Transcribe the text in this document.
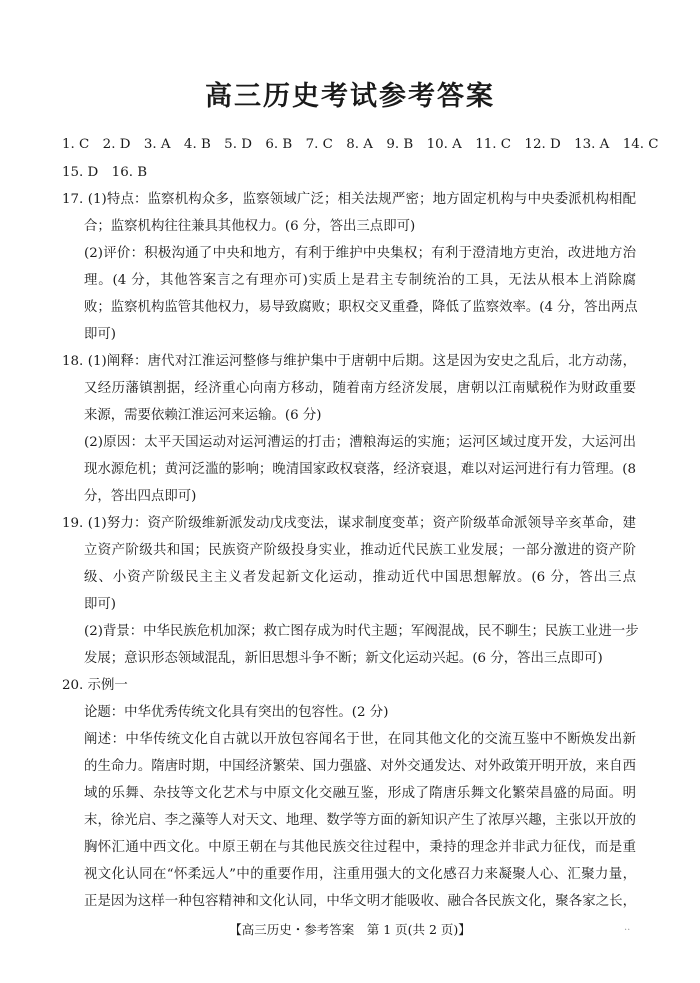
高三历史考试参考答案
1. C　2. D　3. A　4. B　5. D　6. B　7. C　8. A　9. B　10. A　11. C　12. D　13. A　14. C
15. D　16. B
17. (1)特点：监察机构众多，监察领域广泛；相关法规严密；地方固定机构与中央委派机构相配
合；监察机构往往兼具其他权力。(6 分，答出三点即可)
(2)评价：积极沟通了中央和地方，有利于维护中央集权；有利于澄清地方吏治，改进地方治
理。(4 分，其他答案言之有理亦可)实质上是君主专制统治的工具，无法从根本上消除腐
败；监察机构监管其他权力，易导致腐败；职权交叉重叠，降低了监察效率。(4 分，答出两点
即可)
18. (1)阐释：唐代对江淮运河整修与维护集中于唐朝中后期。这是因为安史之乱后，北方动荡，
又经历藩镇割据，经济重心向南方移动，随着南方经济发展，唐朝以江南赋税作为财政重要
来源，需要依赖江淮运河来运输。(6 分)
(2)原因：太平天国运动对运河漕运的打击；漕粮海运的实施；运河区域过度开发，大运河出
现水源危机；黄河泛滥的影响；晚清国家政权衰落，经济衰退，难以对运河进行有力管理。(8
分，答出四点即可)
19. (1)努力：资产阶级维新派发动戊戌变法，谋求制度变革；资产阶级革命派领导辛亥革命，建
立资产阶级共和国；民族资产阶级投身实业，推动近代民族工业发展；一部分激进的资产阶
级、小资产阶级民主主义者发起新文化运动，推动近代中国思想解放。(6 分，答出三点
即可)
(2)背景：中华民族危机加深；救亡图存成为时代主题；军阀混战，民不聊生；民族工业进一步
发展；意识形态领域混乱，新旧思想斗争不断；新文化运动兴起。(6 分，答出三点即可)
20. 示例一
论题：中华优秀传统文化具有突出的包容性。(2 分)
阐述：中华传统文化自古就以开放包容闻名于世，在同其他文化的交流互鉴中不断焕发出新
的生命力。隋唐时期，中国经济繁荣、国力强盛、对外交通发达、对外政策开明开放，来自西
域的乐舞、杂技等文化艺术与中原文化交融互鉴，形成了隋唐乐舞文化繁荣昌盛的局面。明
末，徐光启、李之藻等人对天文、地理、数学等方面的新知识产生了浓厚兴趣，主张以开放的
胸怀汇通中西文化。中原王朝在与其他民族交往过程中，秉持的理念并非武力征伐，而是重
视文化认同在“怀柔远人”中的重要作用，注重用强大的文化感召力来凝聚人心、汇聚力量，
正是因为这样一种包容精神和文化认同，中华文明才能吸收、融合各民族文化，聚各家之长，
【高三历史・参考答案　第 1 页(共 2 页)】	..
